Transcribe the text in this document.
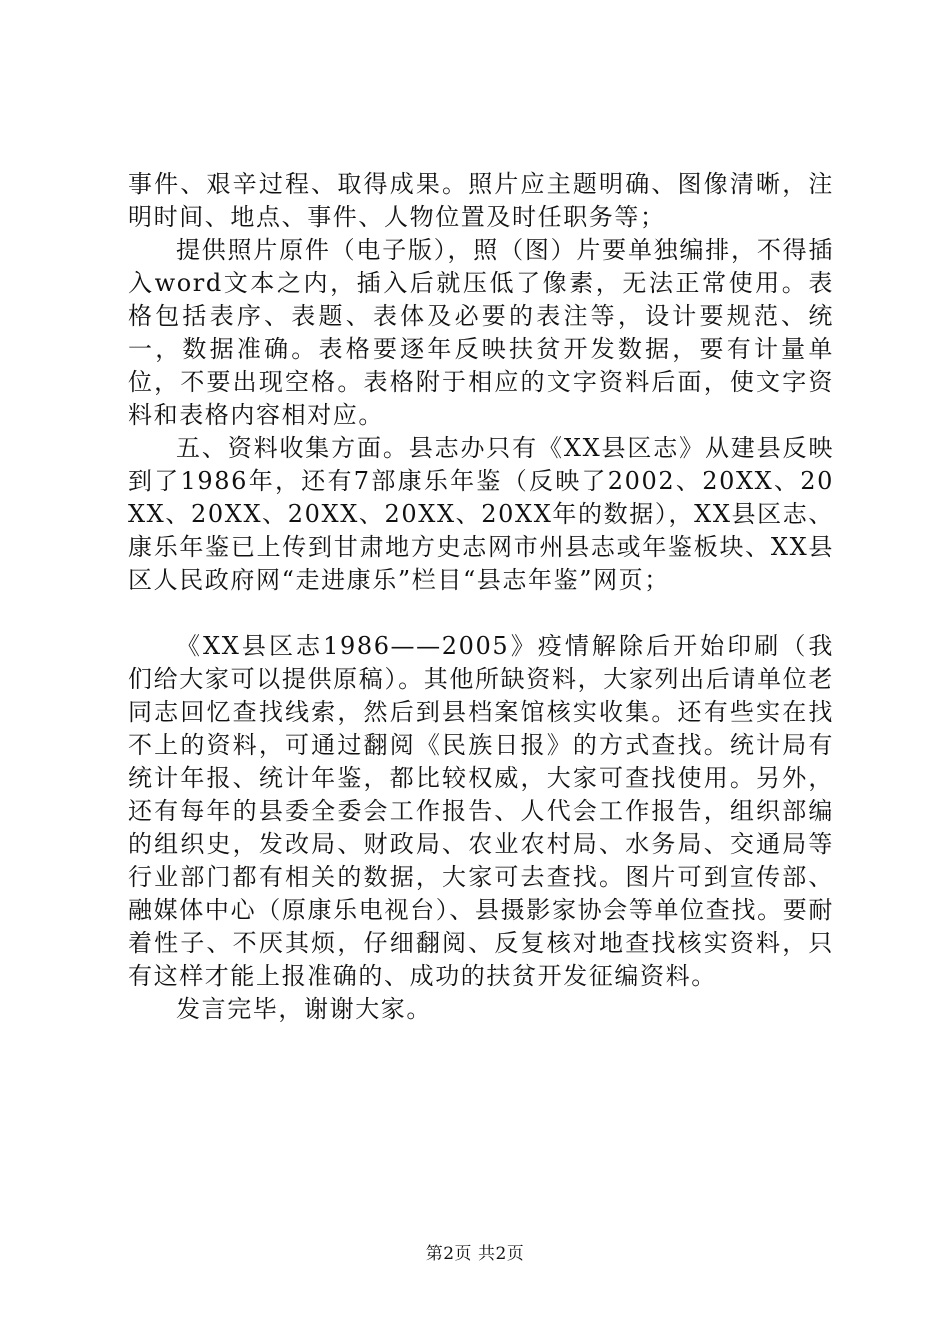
事件、艰辛过程、取得成果。照片应主题明确、图像清晰，注明时间、地点、事件、人物位置及时任职务等；

提供照片原件（电子版），照（图）片要单独编排，不得插入word文本之内，插入后就压低了像素，无法正常使用。表格包括表序、表题、表体及必要的表注等，设计要规范、统一，数据准确。表格要逐年反映扶贫开发数据，要有计量单位，不要出现空格。表格附于相应的文字资料后面，使文字资料和表格内容相对应。

五、资料收集方面。县志办只有《XX县区志》从建县反映到了1986年，还有7部康乐年鉴（反映了2002、20XX、20XX、20XX、20XX、20XX、20XX年的数据），XX县区志、康乐年鉴已上传到甘肃地方史志网市州县志或年鉴板块、XX县区人民政府网“走进康乐”栏目“县志年鉴”网页；

《XX县区志1986——2005》疫情解除后开始印刷（我们给大家可以提供原稿）。其他所缺资料，大家列出后请单位老同志回忆查找线索，然后到县档案馆核实收集。还有些实在找不上的资料，可通过翻阅《民族日报》的方式查找。统计局有统计年报、统计年鉴，都比较权威，大家可查找使用。另外，还有每年的县委全委会工作报告、人代会工作报告，组织部编的组织史，发改局、财政局、农业农村局、水务局、交通局等行业部门都有相关的数据，大家可去查找。图片可到宣传部、融媒体中心（原康乐电视台）、县摄影家协会等单位查找。要耐着性子、不厌其烦，仔细翻阅、反复核对地查找核实资料，只有这样才能上报准确的、成功的扶贫开发征编资料。

发言完毕，谢谢大家。

第2页 共2页
